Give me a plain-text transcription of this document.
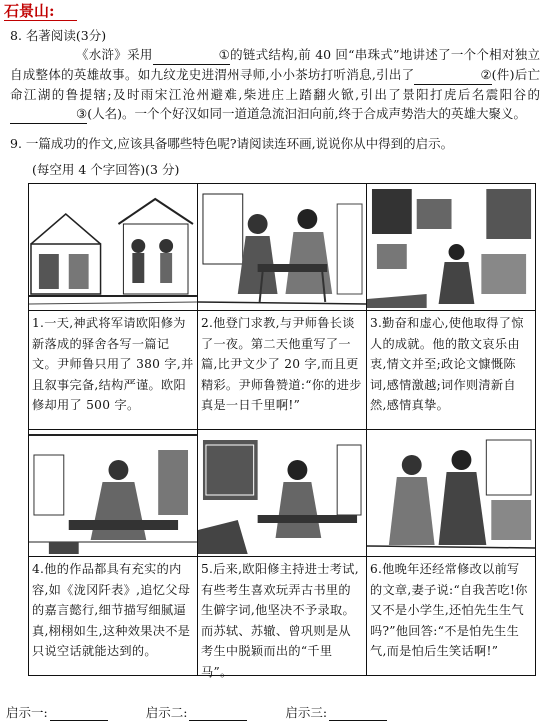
石景山:
8. 名著阅读(3分)

《水浒》采用	①的链式结构,前 40 回“串珠式”地讲述了一个个相对独立自成整体的英雄故事。如九纹龙史进渭州寻师,小小茶坊打听消息,引出了	②(件)后亡命江湖的鲁提辖;及时雨宋江沧州避难,柴进庄上踏翻火锨,引出了景阳打虎后名震阳谷的③(人名)。一个个好汉如同一道道急流汩汩向前,终于合成声势浩大的英雄大聚义。

9. 一篇成功的作文,应该具备哪些特色呢?请阅读连环画,说说你从中得到的启示。
(每空用 4 个字回答)(3 分)

1.一天,神武将军请欧阳修为新落成的驿舍各写一篇记文。尹师鲁只用了 380 字,并且叙事完备,结构严谨。欧阳修却用了 500 字。	2.他登门求教,与尹师鲁长谈了一夜。第二天他重写了一篇,比尹文少了 20 字,而且更精彩。尹师鲁赞道:“你的进步真是一日千里啊!”	3.勤奋和虚心,使他取得了惊人的成就。他的散文哀乐由衷,情文并至;政论文慷慨陈词,感情激越;词作则清新自然,感情真挚。

4.他的作品都具有充实的内容,如《泷冈阡表》,追忆父母的嘉言懿行,细节描写细腻逼真,栩栩如生,这种效果决不是只说空话就能达到的。	5.后来,欧阳修主持进士考试,有些考生喜欢玩弄古书里的生僻字词,他坚决不予录取。而苏轼、苏辙、曾巩则是从考生中脱颖而出的“千里马”。	6.他晚年还经常修改以前写的文章,妻子说:“自我苦吃!你又不是小学生,还怕先生生气吗?”他回答:“不是怕先生生气,而是怕后生笑话啊!”
启示一:	启示二:	启示三:
